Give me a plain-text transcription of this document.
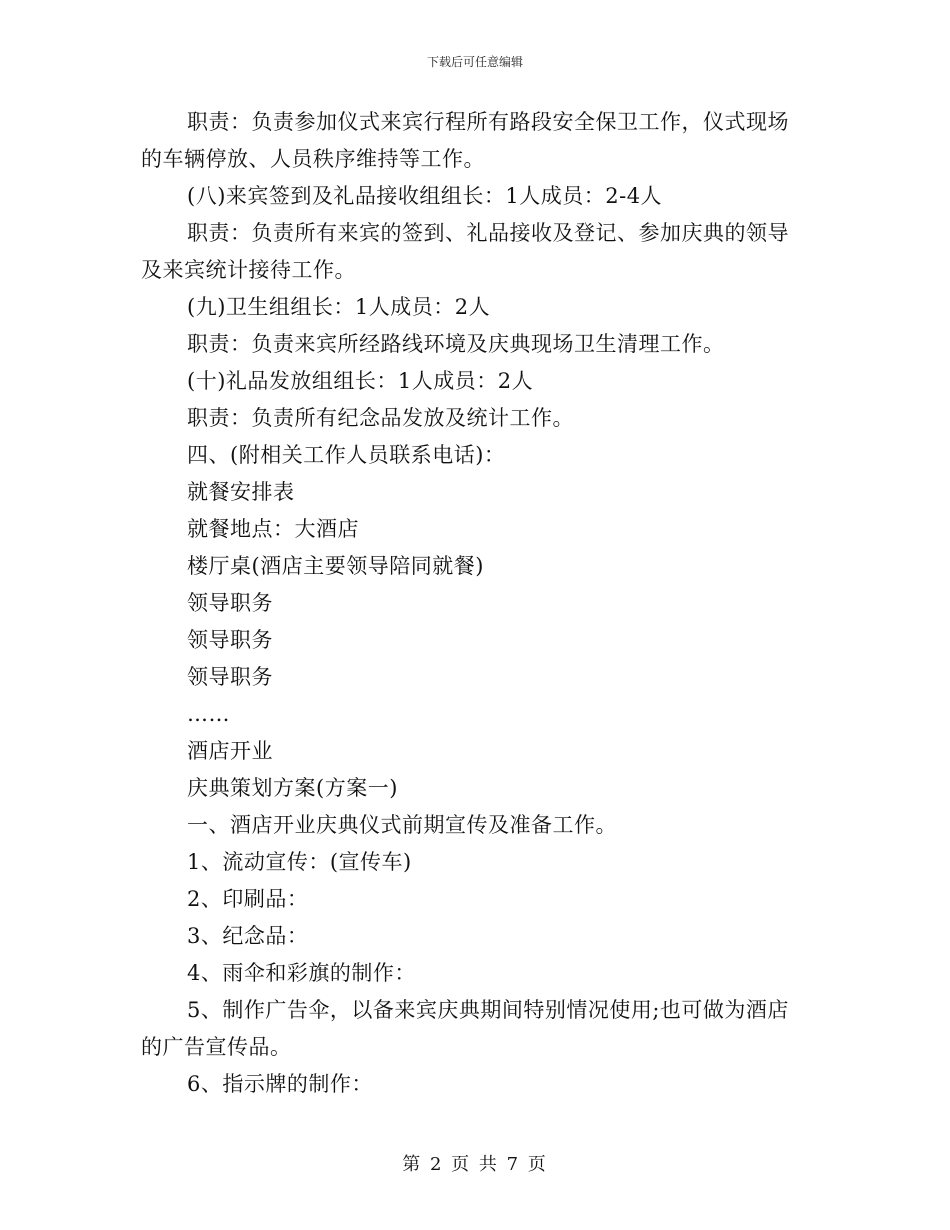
下载后可任意编辑
职责：负责参加仪式来宾行程所有路段安全保卫工作，仪式现场
的车辆停放、人员秩序维持等工作。
(八)来宾签到及礼品接收组组长：1人成员：2-4人
职责：负责所有来宾的签到、礼品接收及登记、参加庆典的领导
及来宾统计接待工作。
(九)卫生组组长：1人成员：2人
职责：负责来宾所经路线环境及庆典现场卫生清理工作。
(十)礼品发放组组长：1人成员：2人
职责：负责所有纪念品发放及统计工作。
四、(附相关工作人员联系电话)：
就餐安排表
就餐地点：大酒店
楼厅桌(酒店主要领导陪同就餐)
领导职务
领导职务
领导职务
……
酒店开业
庆典策划方案(方案一)
一、酒店开业庆典仪式前期宣传及准备工作。
1、流动宣传：(宣传车)
2、印刷品：
3、纪念品：
4、雨伞和彩旗的制作：
5、制作广告伞，以备来宾庆典期间特别情况使用;也可做为酒店
的广告宣传品。
6、指示牌的制作：
第 2 页 共 7 页
